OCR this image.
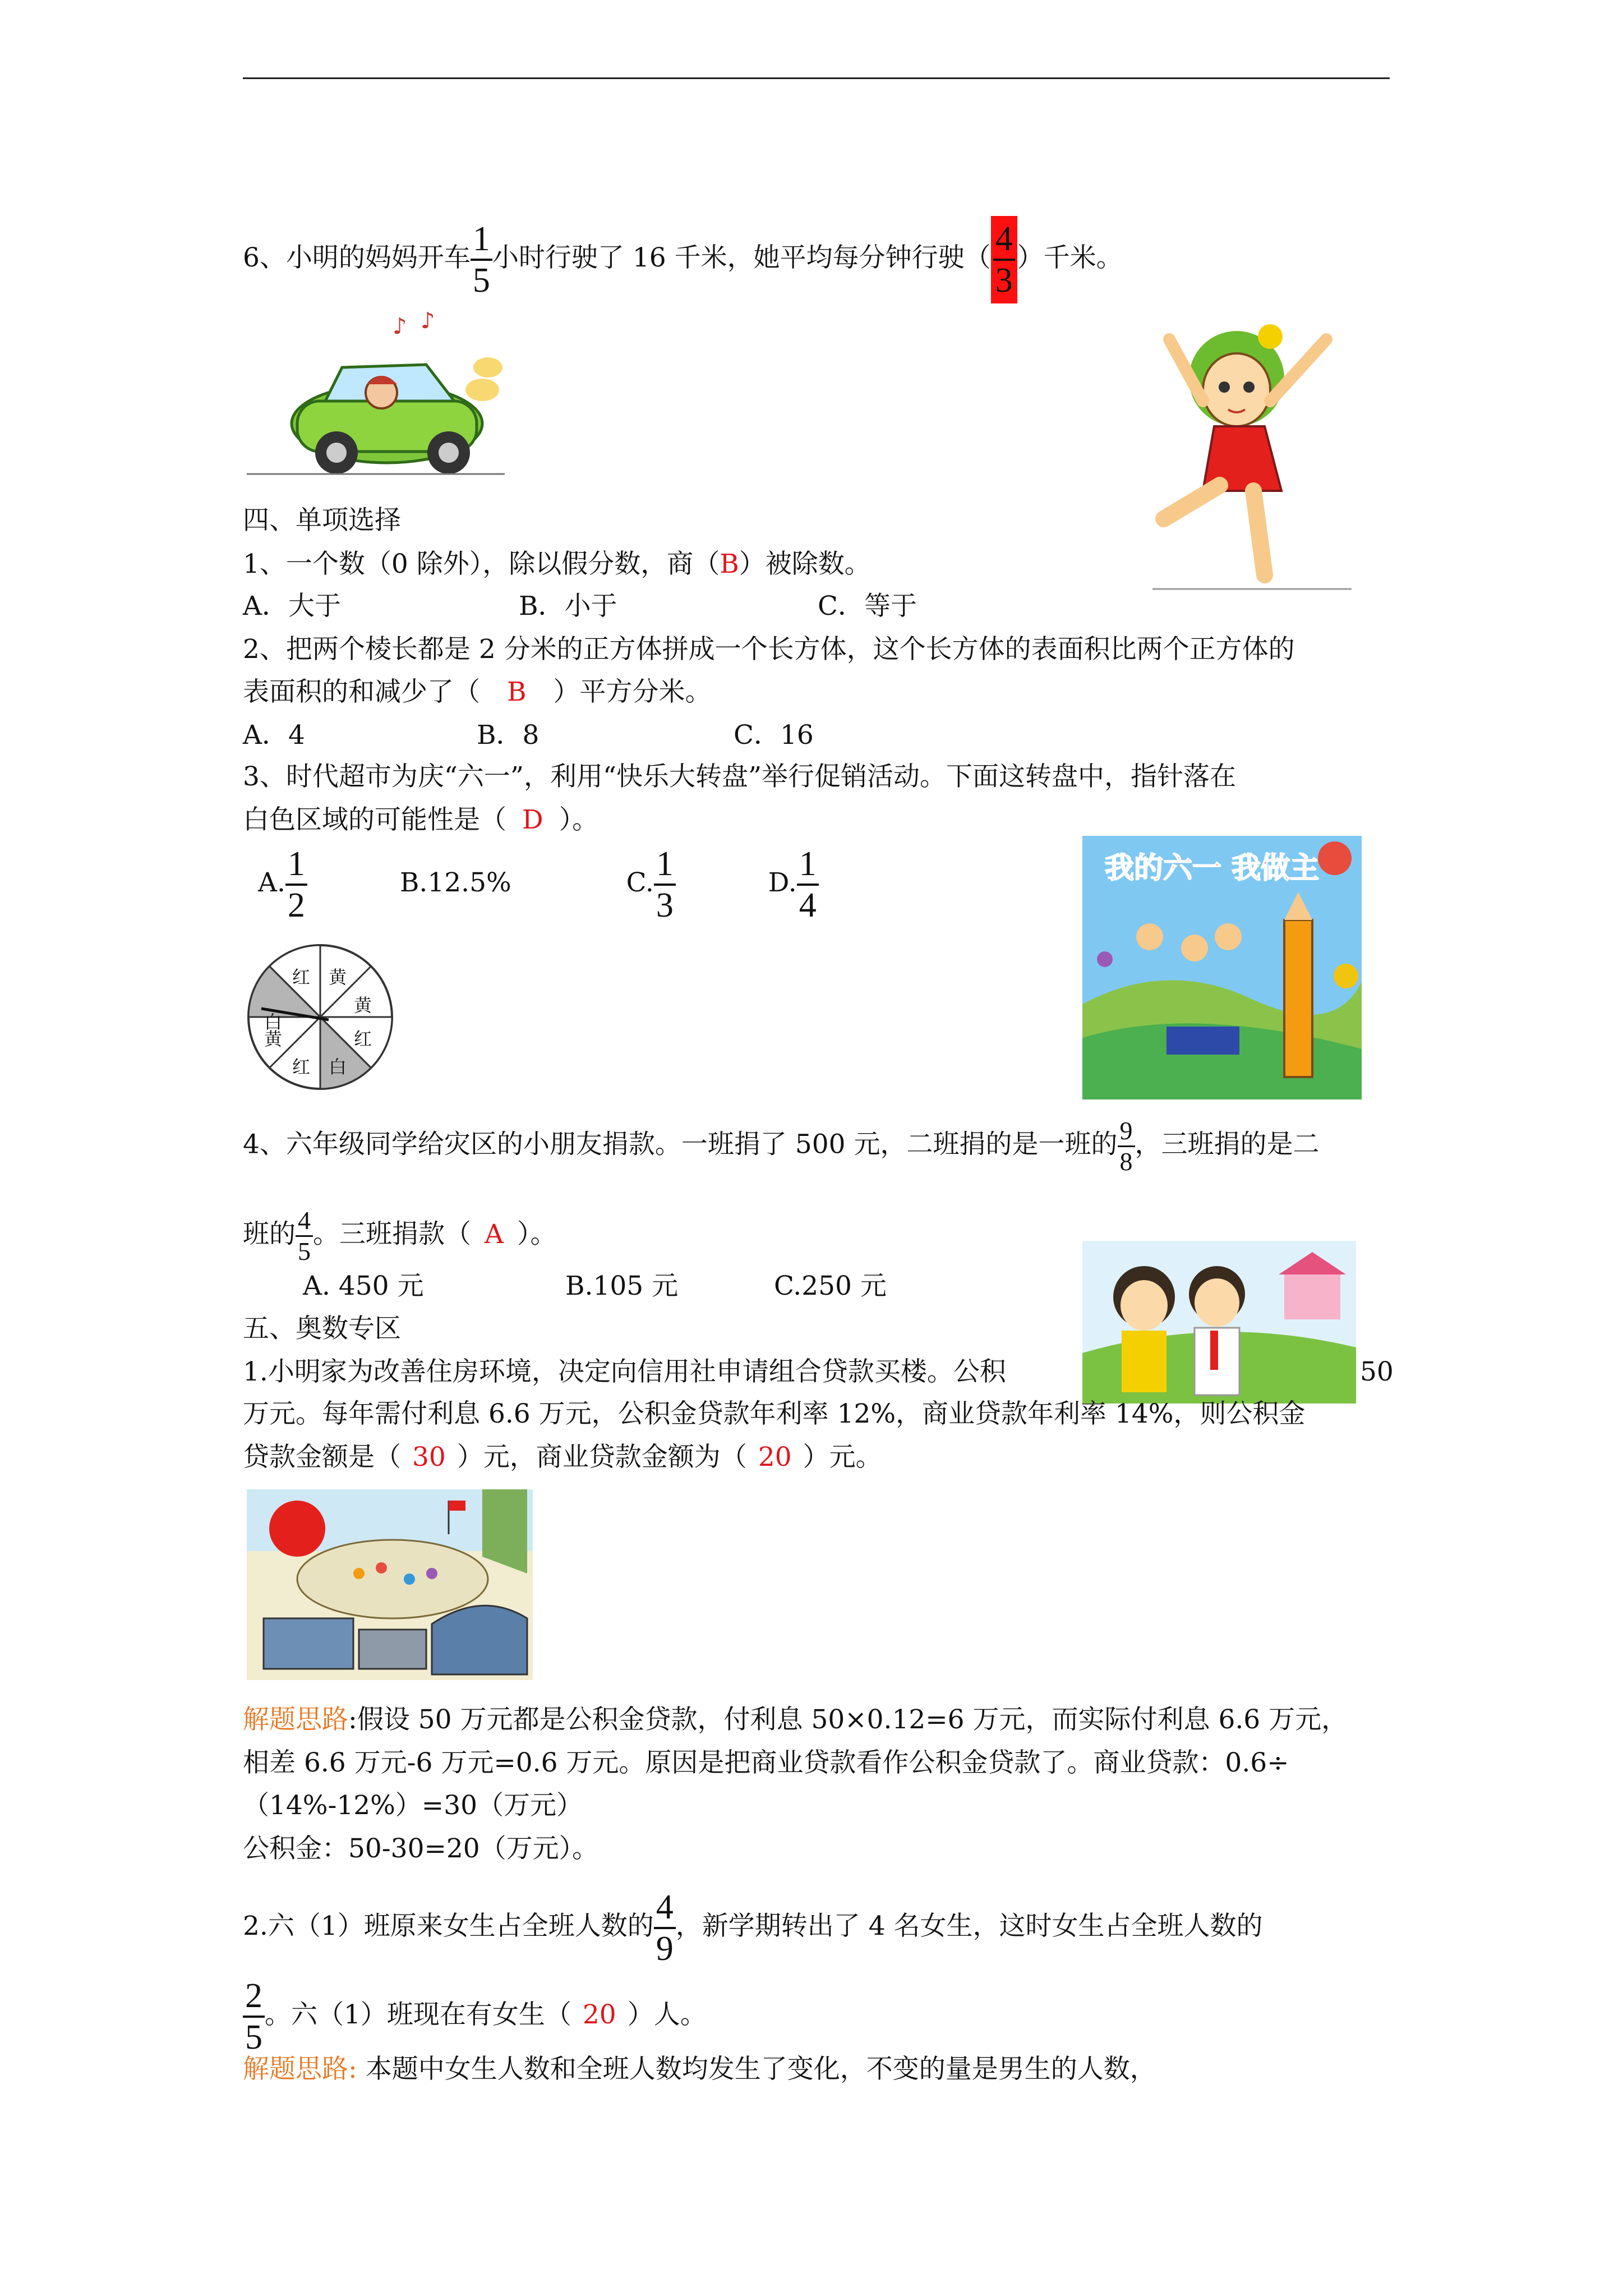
6、小明的妈妈开车 $\frac{1}{5}$ 小时行驶了 16 千米，她平均每分钟行驶（ $\frac{4}{3}$ ）千米。
♪ ♪
四、单项选择
1、一个数（0 除外），除以假分数，商（B）被除数。
A．大于	B．小于	C．等于
2、把两个棱长都是 2 分米的正方体拼成一个长方体，这个长方体的表面积比两个正方体的
表面积的和减少了（ B ）平方分米。
A．4	B．8	C．16
3、时代超市为庆“六一”，利用“快乐大转盘”举行促销活动。下面这转盘中，指针落在
白色区域的可能性是（ D ）。
A. $\frac{1}{2}$	B.12.5%	C. $\frac{1}{3}$	D. $\frac{1}{4}$
红 黄
黄
红
白
红
黄
白
我的六一 我做主
4、六年级同学给灾区的小朋友捐款。一班捐了 500 元，二班捐的是一班的 $\frac{9}{8}$ ，三班捐的是二
班的 $\frac{4}{5}$ 。三班捐款（ A ）。
A. 450 元	B.105 元	C.250 元
五、奥数专区
1.小明家为改善住房环境，决定向信用社申请组合贷款买楼。公积	50
万元。每年需付利息 6.6 万元，公积金贷款年利率 12%，商业贷款年利率 14%，则公积金
贷款金额是（ 30 ）元，商业贷款金额为（ 20 ）元。
解题思路:假设 50 万元都是公积金贷款，付利息 50×0.12=6 万元，而实际付利息 6.6 万元，
相差 6.6 万元-6 万元=0.6 万元。原因是把商业贷款看作公积金贷款了。商业贷款：0.6÷
（14%-12%）=30（万元）
公积金：50-30=20（万元）。
2.六（1）班原来女生占全班人数的 $\frac{4}{9}$ ，新学期转出了 4 名女生，这时女生占全班人数的
$\frac{2}{5}$ 。六（1）班现在有女生（ 20 ）人。
解题思路: 本题中女生人数和全班人数均发生了变化，不变的量是男生的人数，
